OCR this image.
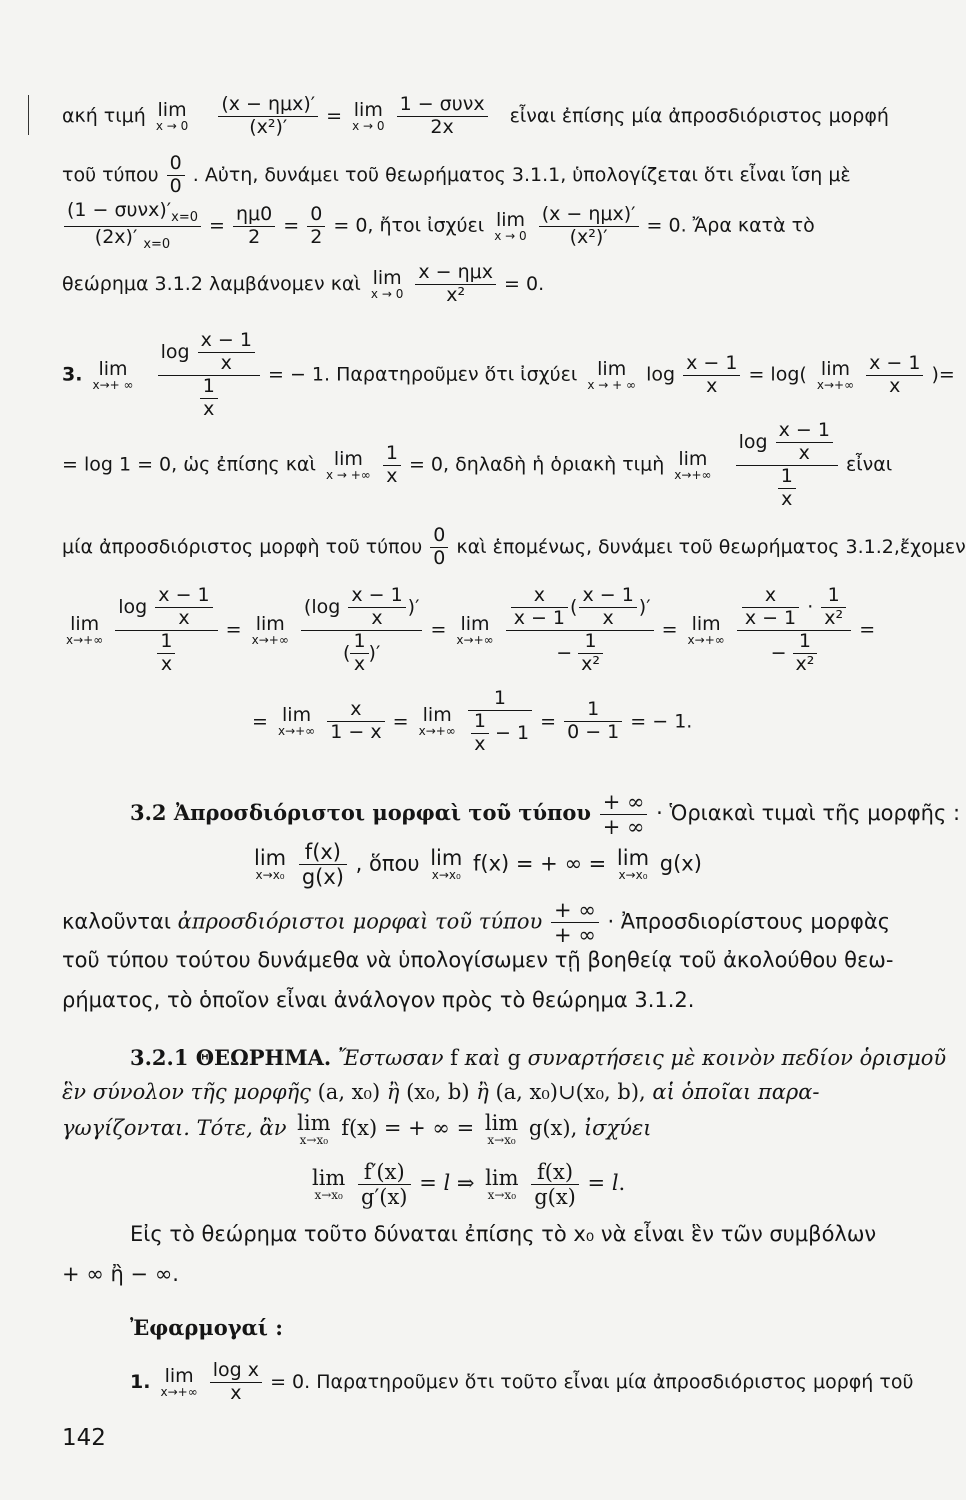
ακή τιμή lim
x → 0
$\frac{\text{(x − ημx)′}}{\text{(x²)′}} = \lim$
x → 0
$\frac{\text{1 − συνx}}{2x}$ εἶναι ἐπίσης μία ἀπροσδιόριστος μορφή
τοῦ τύπου $\frac{0}{0}$ . Αὐτη, δυνάμει τοῦ θεωρήματος 3.1.1, ὑπολογίζεται ὅτι εἶναι ἴση μὲ
$\frac{(1 - \sigma\upsilon\nu x)'_{x=0}}{(2x)' _{x=0}} = \frac{\eta\mu 0}{2} = \frac{0}{2} = 0$, ἤτοι ἰσχύει lim
x → 0
$\frac{\text{(x − ημx)′}}{\text{(x²)′}} = 0$. Ἄρα κατὰ τὸ
θεώρημα 3.1.2 λαμβάνομεν καὶ lim
x → 0
$\frac{\text{x − ημx}}{\text{x²}} = 0$.
3. lim
x→+ ∞
$\frac{\log \frac{x - 1}{x}}{\frac{1}{x}}$ = − 1. Παρατηροῦμεν ὅτι ἰσχύει	lim
x → + ∞ $\log \frac{x - 1}{x} = \log$( lim
x→+∞
$\frac{x - 1}{x}$ )=
= log 1 = 0, ὡς ἐπίσης καὶ lim
x → +∞
$\frac{1}{x} = 0$, δηλαδὴ ἡ ὁριακὴ τιμὴ lim
x→+∞
$\frac{\log \frac{x - 1}{x}}{\frac{1}{x}}$ εἶναι
μία ἀπροσδιόριστος μορφὴ τοῦ τύπου $\frac{0}{0}$ καὶ ἑπομένως, δυνάμει τοῦ θεωρήματος 3.1.2,ἔχομεν
lim
x→+∞
$\frac{\log \frac{x - 1}{x}}{\frac{1}{x}} = \lim$
x→+∞
$\frac{(\log \frac{x - 1}{x} )'}{( \frac{1}{x} )'} = \lim$
x→+∞
$\frac{\frac{x}{x - 1} ( \frac{x - 1}{x} )'}{- \frac{1}{\text{x²}}} = \lim$
x→+∞
$\frac{\frac{x}{x - 1} \cdot \frac{1}{\text{x²}}}{- \frac{1}{\text{x²}}}$ =
= lim
x→+∞
$\frac{x}{1 - x} = \lim$
x→+∞
$\frac{1}{\frac{1}{x} - 1} = \frac{1}{0 - 1}$ = − 1.
3.2 Ἀπροσδιόριστοι μορφαὶ τοῦ τύπου $\frac{+ \infty}{+ \infty}$ · Ὁριακαὶ τιμαὶ τῆς μορφῆς :
lim
x→x₀
$\frac{f(x)}{g(x)}$ , ὅπου lim
x→x₀ f(x) = + ∞ = lim
x→x₀ g(x)
καλοῦνται ἀπροσδιόριστοι μορφαὶ τοῦ τύπου $\frac{+ \infty}{+ \infty}$ · Ἀπροσδιορίστους μορφὰς
τοῦ τύπου τούτου δυνάμεθα νὰ ὑπολογίσωμεν τῇ βοηθείᾳ τοῦ ἀκολούθου θεω-
ρήματος, τὸ ὁποῖον εἶναι ἀνάλογον πρὸς τὸ θεώρημα 3.1.2.
3.2.1 ΘΕΩΡΗΜΑ. Ἔστωσαν f καὶ g συναρτήσεις μὲ κοινὸν πεδίον ὁρισμοῦ
ἓν σύνολον τῆς μορφῆς (a, x₀) ἢ (x₀, b) ἢ (a, x₀)∪(x₀, b), αἱ ὁποῖαι παρα-
γωγίζονται. Τότε, ἂν lim
x→x₀ f(x) = + ∞ = lim
x→x₀ g(x), ἰσχύει
lim
x→x₀
$\frac{f'(x)}{g'(x)} = l$ ⇒ lim
x→x₀
$\frac{f(x)}{g(x)} = l$.
Εἰς τὸ θεώρημα τοῦτο δύναται ἐπίσης τὸ x₀ νὰ εἶναι ἓν τῶν συμβόλων
+ ∞ ἢ − ∞.
Ἐφαρμογαί :
1. lim
x→+∞
$\frac{\text{log x}}{x} = 0$. Παρατηροῦμεν ὅτι τοῦτο εἶναι μία ἀπροσδιόριστος μορφή τοῦ
142
